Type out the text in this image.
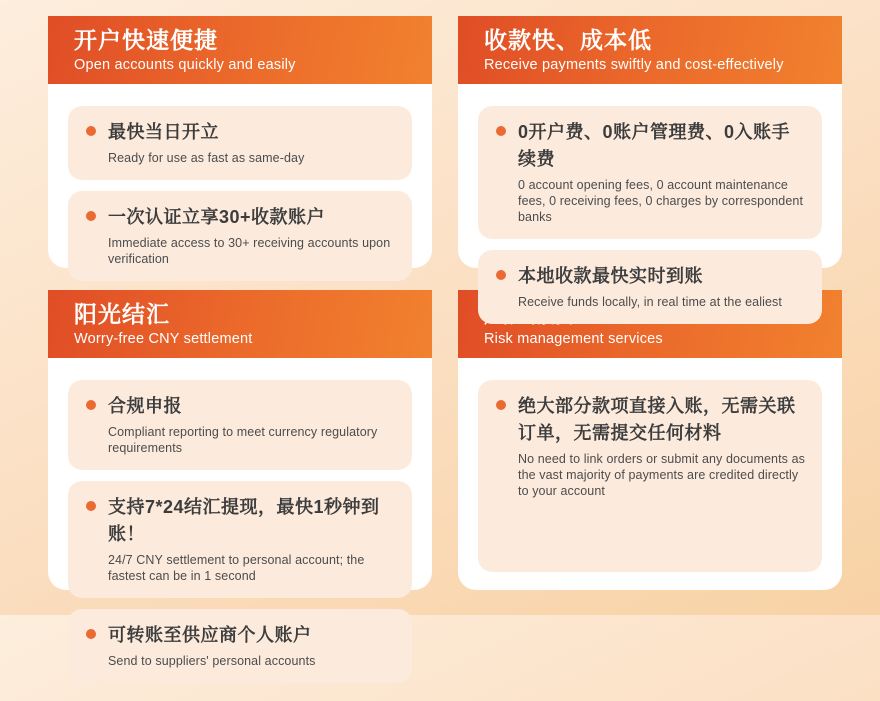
开户快速便捷
Open accounts quickly and easily
最快当日开立
Ready for use as fast as same-day
一次认证立享30+收款账户
Immediate access to 30+ receiving accounts upon verification
收款快、成本低
Receive payments swiftly and cost-effectively
0开户费、0账户管理费、0入账手续费
0 account opening fees, 0 account maintenance fees, 0 receiving fees, 0 charges by correspondent banks
本地收款最快实时到账
Receive funds locally, in real time at the ealiest
阳光结汇
Worry-free CNY settlement
合规申报
Compliant reporting to meet currency regulatory requirements
支持7*24结汇提现，最快1秒钟到账！
24/7 CNY settlement to personal account; the fastest can be in 1 second
可转账至供应商个人账户
Send to suppliers' personal accounts
Risk management services
绝大部分款项直接入账，无需关联订单，无需提交任何材料
No need to link orders or submit any documents as the vast majority of payments are credited directly to your account
